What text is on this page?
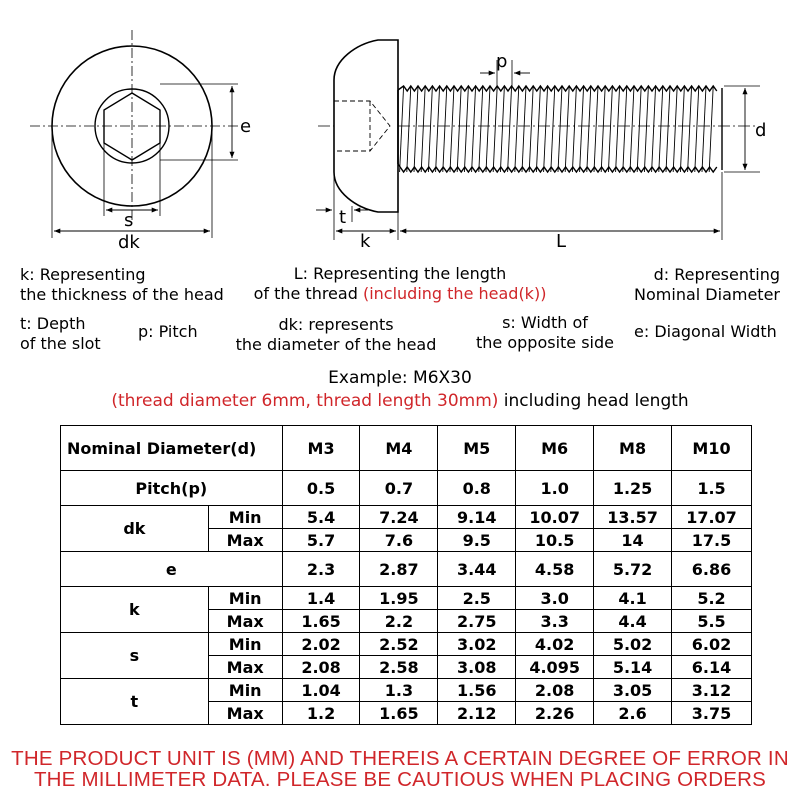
e
s
dk
p
t
k	L
d
k: Representing
the thickness of the head
L: Representing the length
of the thread (including the head(k))
d: Representing
Nominal Diameter
t: Depth
of the slot
p: Pitch	dk: represents
the diameter of the head
s: Width of
the opposite side
e: Diagonal Width
Example: M6X30
(thread diameter 6mm, thread length 30mm) including head length
Nominal Diameter(d)		M3	M4	M5	M6	M8	M10
Pitch(p)		0.5	0.7	0.8	1.0	1.25	1.5
dk	Min	5.4	7.24	9.14	10.07	13.57	17.07
	Max	5.7	7.6	9.5	10.5	14	17.5
e		2.3	2.87	3.44	4.58	5.72	6.86
k	Min	1.4	1.95	2.5	3.0	4.1	5.2
	Max	1.65	2.2	2.75	3.3	4.4	5.5
s	Min	2.02	2.52	3.02	4.02	5.02	6.02
	Max	2.08	2.58	3.08	4.095	5.14	6.14
t	Min	1.04	1.3	1.56	2.08	3.05	3.12
	Max	1.2	1.65	2.12	2.26	2.6	3.75
THE PRODUCT UNIT IS (MM) AND THEREIS A CERTAIN DEGREE OF ERROR IN
THE MILLIMETER DATA. PLEASE BE CAUTIOUS WHEN PLACING ORDERS
